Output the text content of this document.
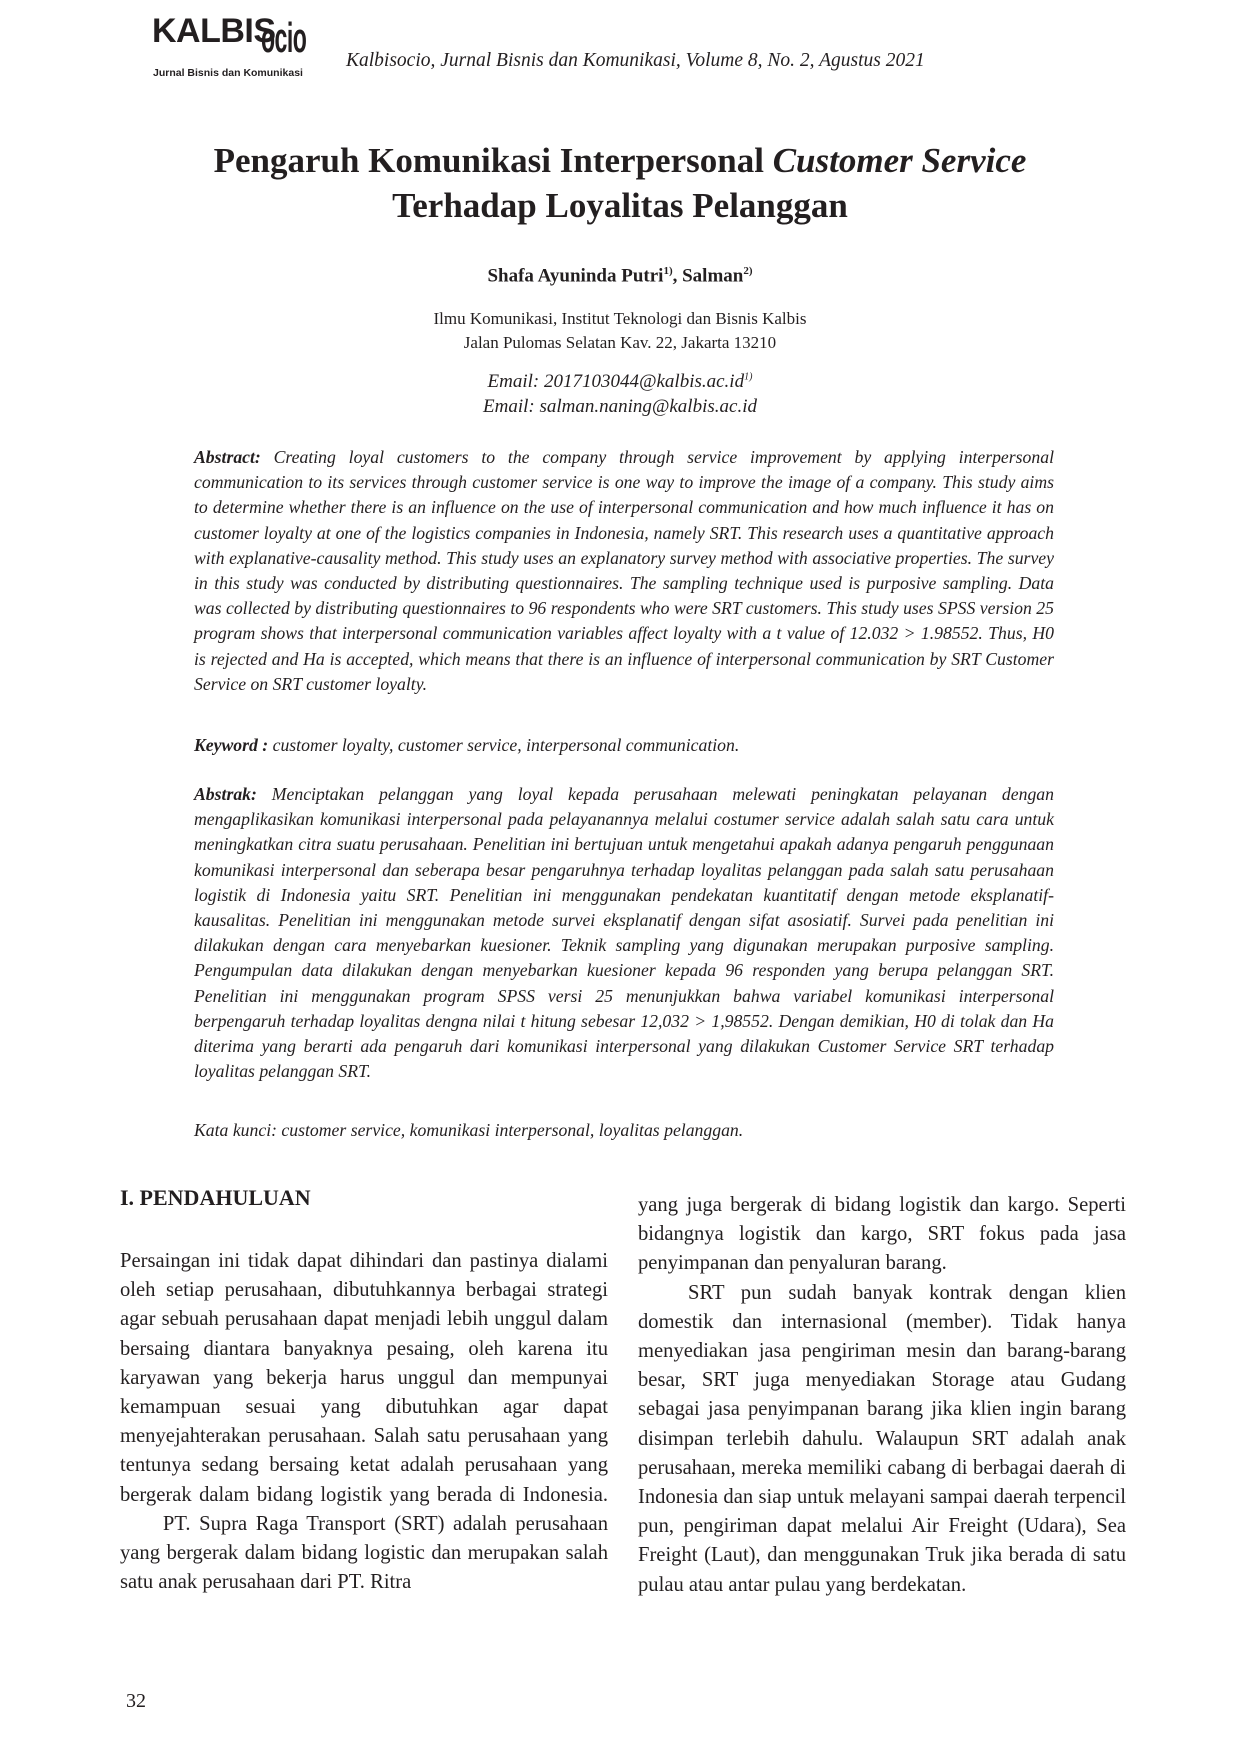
KALBIS
ocio
Jurnal Bisnis dan Komunikasi
Kalbisocio, Jurnal Bisnis dan Komunikasi, Volume 8, No. 2, Agustus 2021
Pengaruh Komunikasi Interpersonal Customer Service
Terhadap Loyalitas Pelanggan
Shafa Ayuninda Putri$^{1)}$, Salman$^{2)}$
Ilmu Komunikasi, Institut Teknologi dan Bisnis Kalbis
Jalan Pulomas Selatan Kav. 22, Jakarta 13210
Email: $2017103044@kalbis.ac.id^{1)}$
Email: salman.naning@kalbis.ac.id
Abstract: Creating loyal customers to the company through service improvement by applying interpersonal communication to its services through customer service is one way to improve the image of a company. This study aims to determine whether there is an influence on the use of interpersonal communication and how much influence it has on customer loyalty at one of the logistics companies in Indonesia, namely SRT. This research uses a quantitative approach with explanative-causality method. This study uses an explanatory survey method with associative properties. The survey in this study was conducted by distributing questionnaires. The sampling technique used is purposive sampling. Data was collected by distributing questionnaires to 96 respondents who were SRT customers. This study uses SPSS version 25 program shows that interpersonal communication variables affect loyalty with a t value of 12.032 > 1.98552. Thus, H0 is rejected and Ha is accepted, which means that there is an influence of interpersonal communication by SRT Customer Service on SRT customer loyalty.
Keyword : customer loyalty, customer service, interpersonal communication.
Abstrak: Menciptakan pelanggan yang loyal kepada perusahaan melewati peningkatan pelayanan dengan mengaplikasikan komunikasi interpersonal pada pelayanannya melalui costumer service adalah salah satu cara untuk meningkatkan citra suatu perusahaan. Penelitian ini bertujuan untuk mengetahui apakah adanya pengaruh penggunaan komunikasi interpersonal dan seberapa besar pengaruhnya terhadap loyalitas pelanggan pada salah satu perusahaan logistik di Indonesia yaitu SRT. Penelitian ini menggunakan pendekatan kuantitatif dengan metode eksplanatif-kausalitas. Penelitian ini menggunakan metode survei eksplanatif dengan sifat asosiatif. Survei pada penelitian ini dilakukan dengan cara menyebarkan kuesioner. Teknik sampling yang digunakan merupakan purposive sampling. Pengumpulan data dilakukan dengan menyebarkan kuesioner kepada 96 responden yang berupa pelanggan SRT. Penelitian ini menggunakan program SPSS versi 25 menunjukkan bahwa variabel komunikasi interpersonal berpengaruh terhadap loyalitas dengna nilai t hitung sebesar 12,032 > 1,98552. Dengan demikian, H0 di tolak dan Ha diterima yang berarti ada pengaruh dari komunikasi interpersonal yang dilakukan Customer Service SRT terhadap loyalitas pelanggan SRT.
Kata kunci: customer service, komunikasi interpersonal, loyalitas pelanggan.
I. PENDAHULUAN

Persaingan ini tidak dapat dihindari dan pastinya dialami oleh setiap perusahaan, dibutuhkannya berbagai strategi agar sebuah perusahaan dapat menjadi lebih unggul dalam bersaing diantara banyaknya pesaing, oleh karena itu karyawan yang bekerja harus unggul dan mempunyai kemampuan sesuai yang dibutuhkan agar dapat menyejahterakan perusahaan. Salah satu perusahaan yang tentunya sedang bersaing ketat adalah perusahaan yang bergerak dalam bidang logistik yang berada di Indonesia.      PT. Supra Raga Transport (SRT) adalah perusahaan yang bergerak dalam bidang logistic dan merupakan salah satu anak perusahaan dari PT. Ritra

yang juga bergerak di bidang logistik dan kargo. Seperti bidangnya logistik dan kargo, SRT fokus pada jasa penyimpanan dan penyaluran barang.

SRT pun sudah banyak kontrak dengan klien domestik dan internasional (member). Tidak hanya menyediakan jasa pengiriman mesin dan barang-barang besar, SRT juga menyediakan Storage atau Gudang sebagai jasa penyimpanan barang jika klien ingin barang disimpan terlebih dahulu. Walaupun SRT adalah anak perusahaan, mereka memiliki cabang di berbagai daerah di Indonesia dan siap untuk melayani sampai daerah terpencil pun, pengiriman dapat melalui Air Freight (Udara), Sea Freight (Laut), dan menggunakan Truk jika berada di satu pulau atau antar pulau yang berdekatan.

32
